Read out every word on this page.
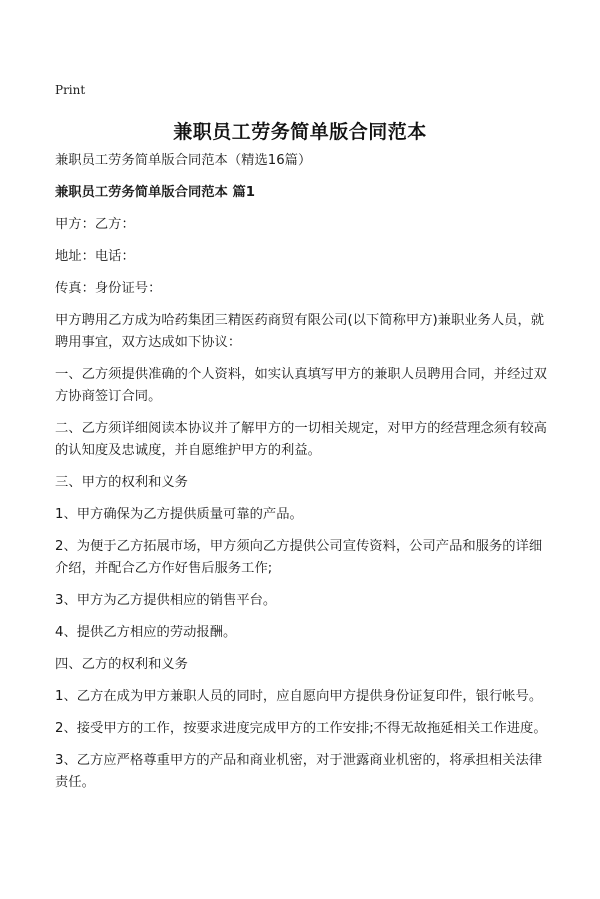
Print
兼职员工劳务简单版合同范本

兼职员工劳务简单版合同范本（精选16篇）

兼职员工劳务简单版合同范本 篇1

甲方：乙方：

地址：电话：

传真：身份证号：

甲方聘用乙方成为哈药集团三精医药商贸有限公司(以下简称甲方)兼职业务人员，就聘用事宜，双方达成如下协议：

一、乙方须提供准确的个人资料，如实认真填写甲方的兼职人员聘用合同，并经过双方协商签订合同。

二、乙方须详细阅读本协议并了解甲方的一切相关规定，对甲方的经营理念须有较高的认知度及忠诚度，并自愿维护甲方的利益。

三、甲方的权利和义务

1、甲方确保为乙方提供质量可靠的产品。

2、为便于乙方拓展市场，甲方须向乙方提供公司宣传资料，公司产品和服务的详细介绍，并配合乙方作好售后服务工作;

3、甲方为乙方提供相应的销售平台。

4、提供乙方相应的劳动报酬。

四、乙方的权利和义务

1、乙方在成为甲方兼职人员的同时，应自愿向甲方提供身份证复印件，银行帐号。

2、接受甲方的工作，按要求进度完成甲方的工作安排;不得无故拖延相关工作进度。

3、乙方应严格尊重甲方的产品和商业机密，对于泄露商业机密的，将承担相关法律责任。
